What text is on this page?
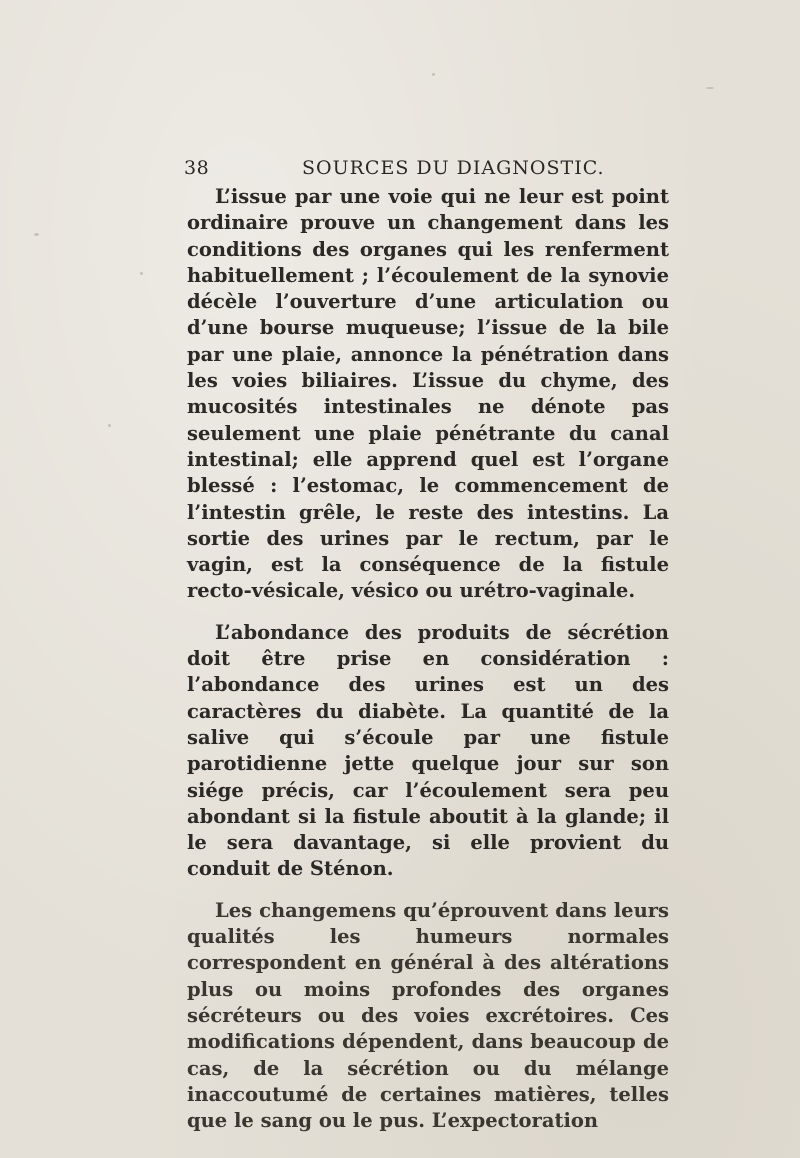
38	SOURCES DU DIAGNOSTIC.

L’issue par une voie qui ne leur est point ordinaire prouve un changement dans les conditions des organes qui les renferment habituellement ; l’écoulement de la synovie décèle l’ouverture d’une articulation ou d’une bourse muqueuse; l’issue de la bile par une plaie, annonce la pénétration dans les voies biliaires. L’issue du chyme, des mucosités intestinales ne dénote pas seulement une plaie pénétrante du canal intestinal; elle apprend quel est l’organe blessé : l’estomac, le commencement de l’intestin grêle, le reste des intestins. La sortie des urines par le rectum, par le vagin, est la conséquence de la fistule recto-vésicale, vésico ou urétro-vaginale.

L’abondance des produits de sécrétion doit être prise en considération : l’abondance des urines est un des caractères du diabète. La quantité de la salive qui s’écoule par une fistule parotidienne jette quelque jour sur son siége précis, car l’écoulement sera peu abondant si la fistule aboutit à la glande; il le sera davantage, si elle provient du conduit de Sténon.

Les changemens qu’éprouvent dans leurs qualités les humeurs normales correspondent en général à des altérations plus ou moins profondes des organes sécréteurs ou des voies excrétoires. Ces modifications dépendent, dans beaucoup de cas, de la sécrétion ou du mélange inaccoutumé de certaines matières, telles que le sang ou le pus. L’expectoration
